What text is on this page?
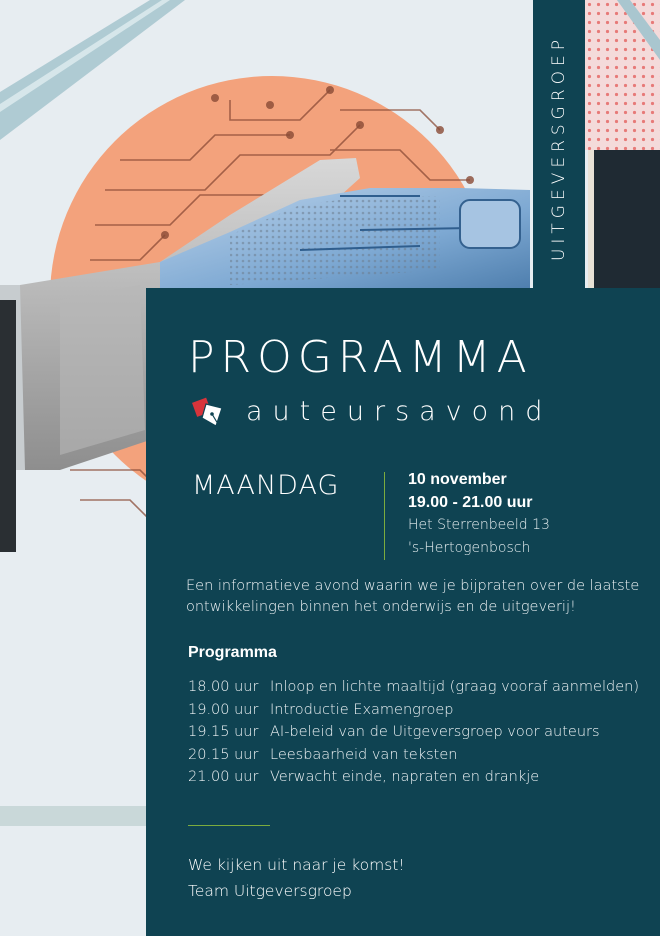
UITGEVERSGROEP
PROGRAMMA
auteursavond
MAANDAG	10 november
19.00 - 21.00 uur
Het Sterrenbeeld 13
's-Hertogenbosch
Een informatieve avond waarin we je bijpraten over de laatste ontwikkelingen binnen het onderwijs en de uitgeverij!
Programma
18.00 uur Inloop en lichte maaltijd (graag vooraf aanmelden)
19.00 uur Introductie Examengroep
19.15 uur AI-beleid van de Uitgeversgroep voor auteurs
20.15 uur Leesbaarheid van teksten
21.00 uur Verwacht einde, napraten en drankje
We kijken uit naar je komst!
Team Uitgeversgroep
